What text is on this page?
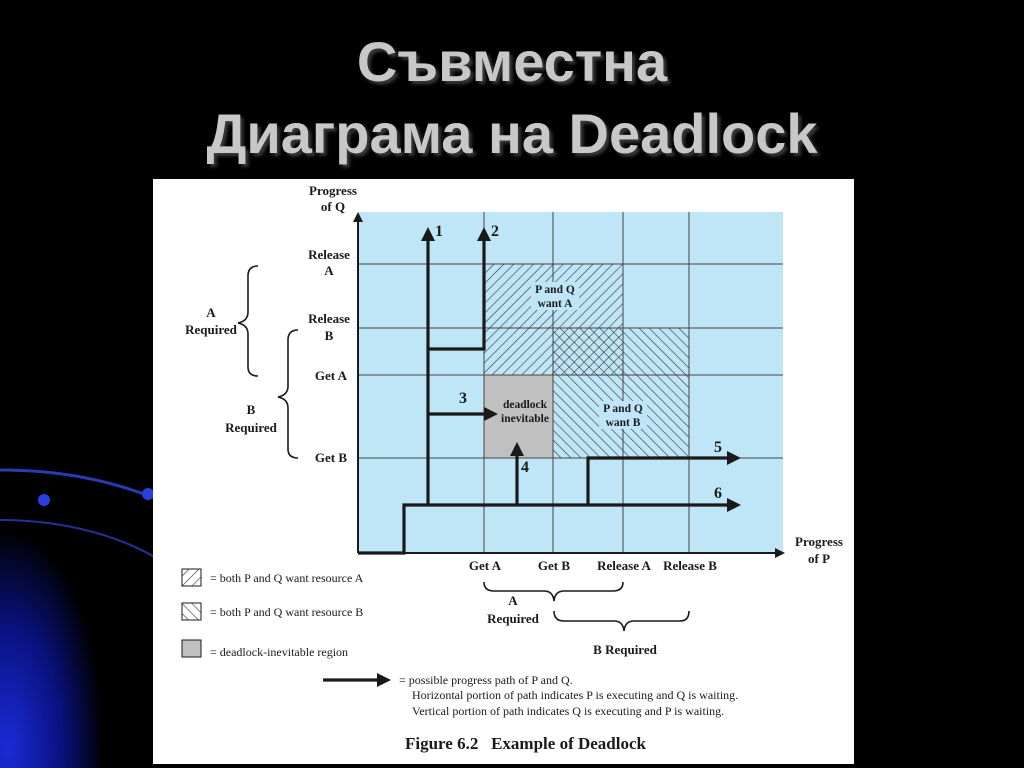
Съвместна
Диаграма на Deadlock
P and Q
want A
P and Q
want B
deadlock
inevitable
Progress
of Q
Progress
of P
Release
A
Release
B
Get A
Get B
Get A	Get B Release A Release B
A
Required
B
Required
A
Required
B Required
1	2
3
4
5
6
= both P and Q want resource A
= both P and Q want resource B
= deadlock-inevitable region
= possible progress path of P and Q.
Horizontal portion of path indicates P is executing and Q is waiting.
Vertical portion of path indicates Q is executing and P is waiting.
Figure 6.2   Example of Deadlock
